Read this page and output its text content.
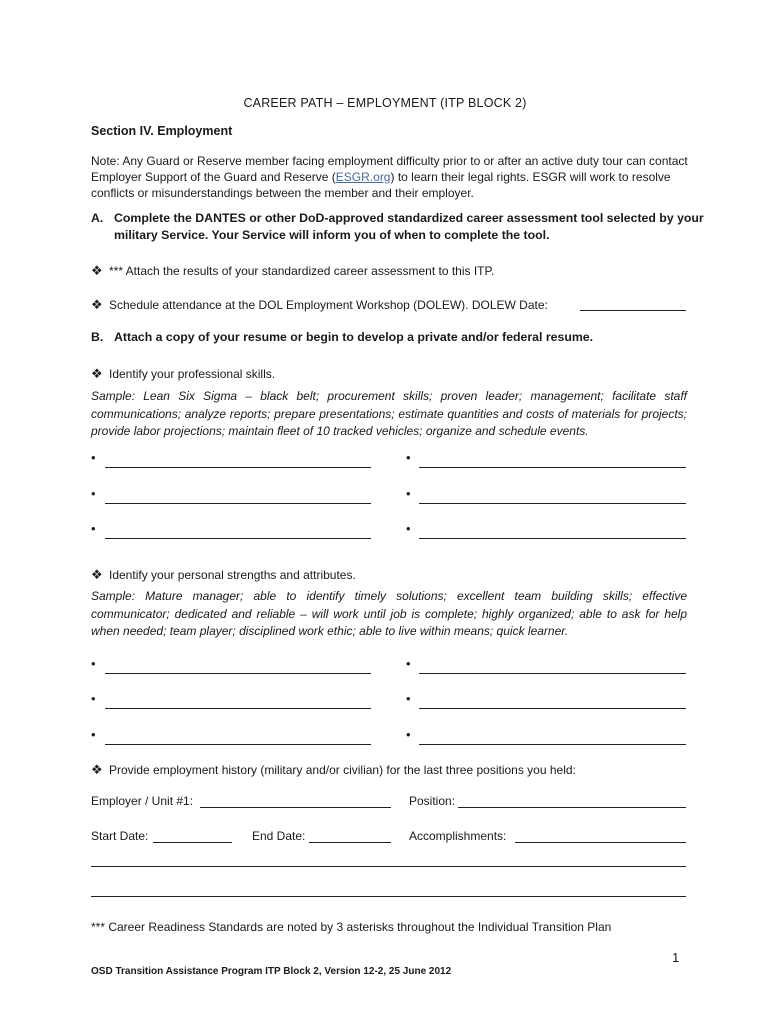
CAREER PATH – EMPLOYMENT (ITP BLOCK 2)
Section IV. Employment
Note: Any Guard or Reserve member facing employment difficulty prior to or after an active duty tour can contact Employer Support of the Guard and Reserve (ESGR.org) to learn their legal rights. ESGR will work to resolve conflicts or misunderstandings between the member and their employer.
A. Complete the DANTES or other DoD-approved standardized career assessment tool selected by your military Service. Your Service will inform you of when to complete the tool.
❖ *** Attach the results of your standardized career assessment to this ITP.
❖ Schedule attendance at the DOL Employment Workshop (DOLEW). DOLEW Date:
B. Attach a copy of your resume or begin to develop a private and/or federal resume.
❖ Identify your professional skills.
Sample: Lean Six Sigma – black belt; procurement skills; proven leader; management; facilitate staff communications; analyze reports; prepare presentations; estimate quantities and costs of materials for projects; provide labor projections; maintain fleet of 10 tracked vehicles; organize and schedule events.
•	•
•	•
•	•
❖ Identify your personal strengths and attributes.
Sample: Mature manager; able to identify timely solutions; excellent team building skills; effective communicator; dedicated and reliable – will work until job is complete; highly organized; able to ask for help when needed; team player; disciplined work ethic; able to live within means; quick learner.
•	•
•	•
•	•
❖ Provide employment history (military and/or civilian) for the last three positions you held:
Employer / Unit #1:	Position:
Start Date:	End Date:	Accomplishments:
*** Career Readiness Standards are noted by 3 asterisks throughout the Individual Transition Plan
1
OSD Transition Assistance Program ITP Block 2, Version 12-2, 25 June 2012
